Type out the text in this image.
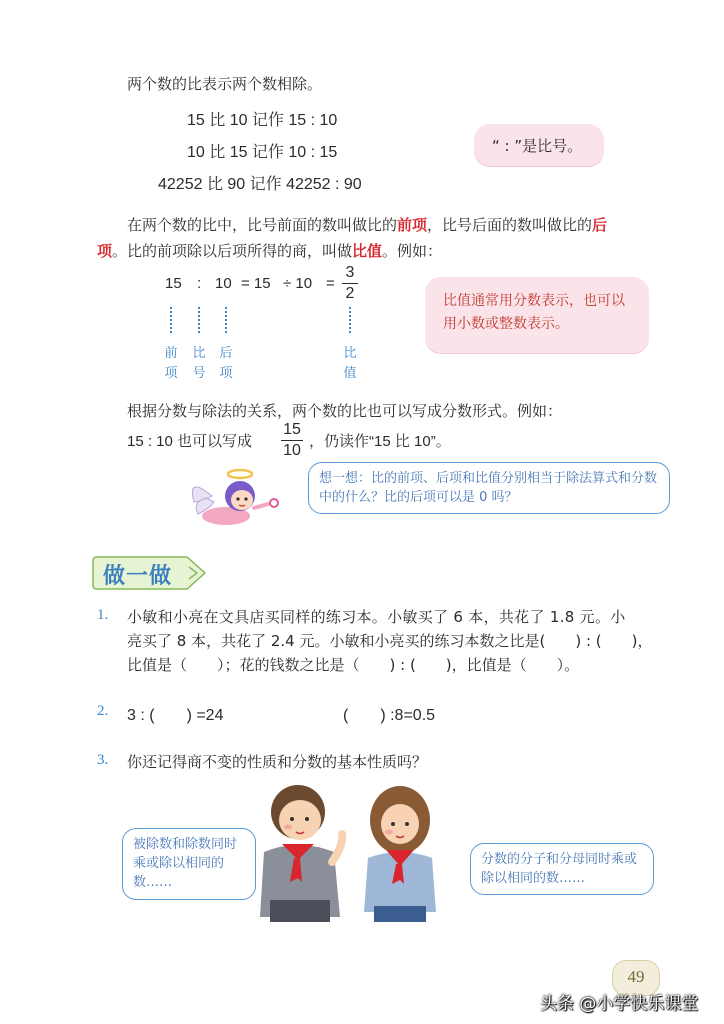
两个数的比表示两个数相除。
15 比 10 记作 15 : 10
10 比 15 记作 10 : 15
42252 比 90 记作 42252 : 90
“ : ”是比号。
在两个数的比中，比号前面的数叫做比的前项，比号后面的数叫做比的后
项。比的前项除以后项所得的商，叫做比值。例如：
15 : 10 = 15 ÷ 10 =
3
2
前项
比号
后项
比值
比值通常用分数表示，也可以用小数或整数表示。
根据分数与除法的关系，两个数的比也可以写成分数形式。例如：
15 : 10 也可以写成
15
10
，仍读作“15 比 10”。
想一想：比的前项、后项和比值分别相当于除法算式和分数中的什么？比的后项可以是 0 吗？
做一做
1. 小敏和小亮在文具店买同样的练习本。小敏买了 6 本，共花了 1.8 元。小
亮买了 8 本，共花了 2.4 元。小敏和小亮买的练习本数之比是(　　) : (　　)，
比值是（　　）；花的钱数之比是（　　) : (　　)，比值是（　　）。
2. 3 : (　　) =24	(　　) :8=0.5
3. 你还记得商不变的性质和分数的基本性质吗？
被除数和除数同时乘或除以相同的数……
分数的分子和分母同时乘或除以相同的数……
49
头条 @小学快乐课堂
